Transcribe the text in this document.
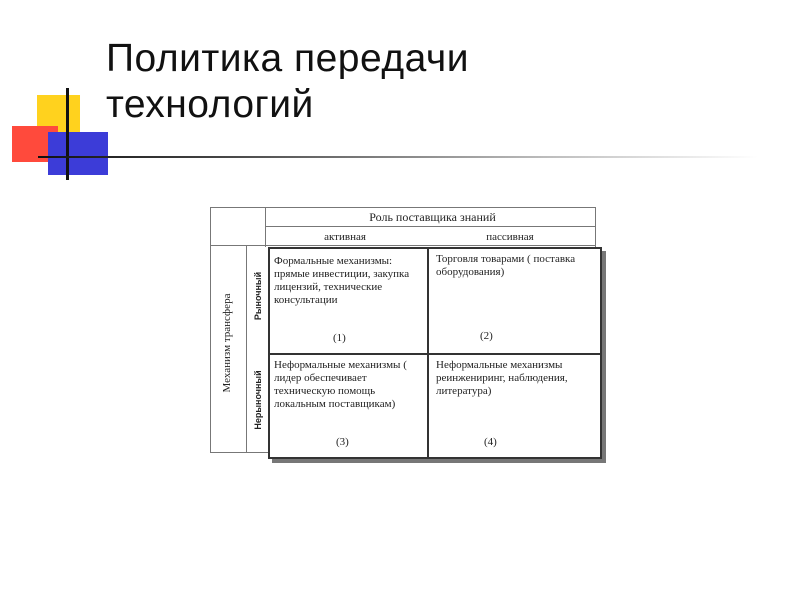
Политика передачи
технологий
Роль поставщика знаний
активная	пассивная
Механизм трансфера Рыночный
Нерыночный
Формальные механизмы: прямые инвестиции, закупка лицензий, технические консультации
(1)
Торговля товарами ( поставка оборудования)
(2)
Неформальные механизмы ( лидер обеспечивает техническую помощь локальным поставщикам)
(3)
Неформальные механизмы реинжениринг, наблюдения, литература)
(4)
